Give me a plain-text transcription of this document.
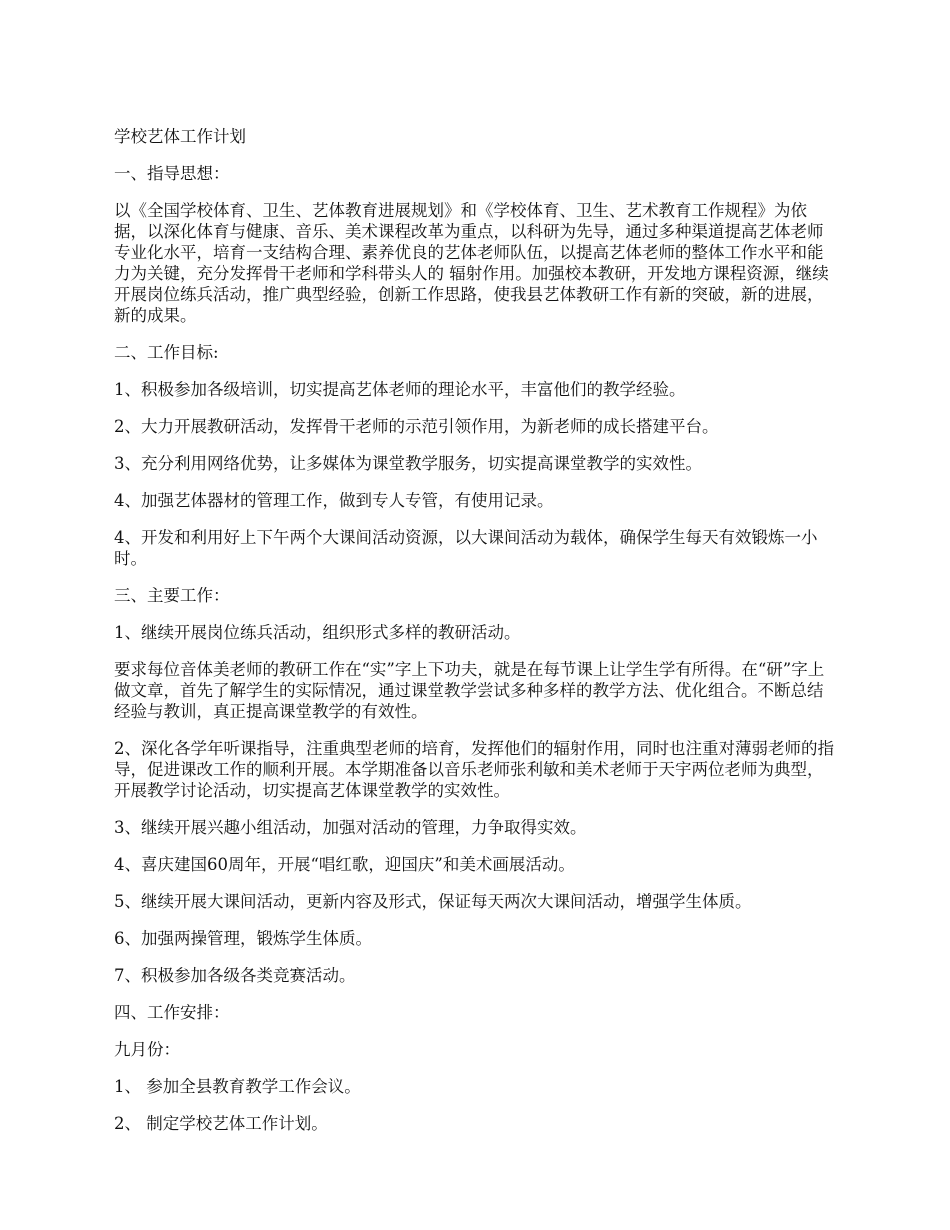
学校艺体工作计划

一、指导思想：

以《全国学校体育、卫生、艺体教育进展规划》和《学校体育、卫生、艺术教育工作规程》为依据，以深化体育与健康、音乐、美术课程改革为重点，以科研为先导，通过多种渠道提高艺体老师专业化水平，培育一支结构合理、素养优良的艺体老师队伍，以提高艺体老师的整体工作水平和能力为关键，充分发挥骨干老师和学科带头人的 辐射作用。加强校本教研，开发地方课程资源，继续开展岗位练兵活动，推广典型经验，创新工作思路，使我县艺体教研工作有新的突破，新的进展，新的成果。

二、工作目标:

1、积极参加各级培训，切实提高艺体老师的理论水平，丰富他们的教学经验。

2、大力开展教研活动，发挥骨干老师的示范引领作用，为新老师的成长搭建平台。

3、充分利用网络优势，让多媒体为课堂教学服务，切实提高课堂教学的实效性。

4、加强艺体器材的管理工作，做到专人专管，有使用记录。

4、开发和利用好上下午两个大课间活动资源，以大课间活动为载体，确保学生每天有效锻炼一小时。

三、主要工作：

1、继续开展岗位练兵活动，组织形式多样的教研活动。

要求每位音体美老师的教研工作在“实”字上下功夫，就是在每节课上让学生学有所得。在“研”字上做文章，首先了解学生的实际情况，通过课堂教学尝试多种多样的教学方法、优化组合。不断总结经验与教训，真正提高课堂教学的有效性。

2、深化各学年听课指导，注重典型老师的培育，发挥他们的辐射作用，同时也注重对薄弱老师的指导，促进课改工作的顺利开展。本学期准备以音乐老师张利敏和美术老师于天宇两位老师为典型，开展教学讨论活动，切实提高艺体课堂教学的实效性。

3、继续开展兴趣小组活动，加强对活动的管理，力争取得实效。

4、喜庆建国60周年，开展“唱红歌，迎国庆”和美术画展活动。

5、继续开展大课间活动，更新内容及形式，保证每天两次大课间活动，增强学生体质。

6、加强两操管理，锻炼学生体质。

7、积极参加各级各类竞赛活动。

四、工作安排：

九月份：

1、 参加全县教育教学工作会议。

2、 制定学校艺体工作计划。
